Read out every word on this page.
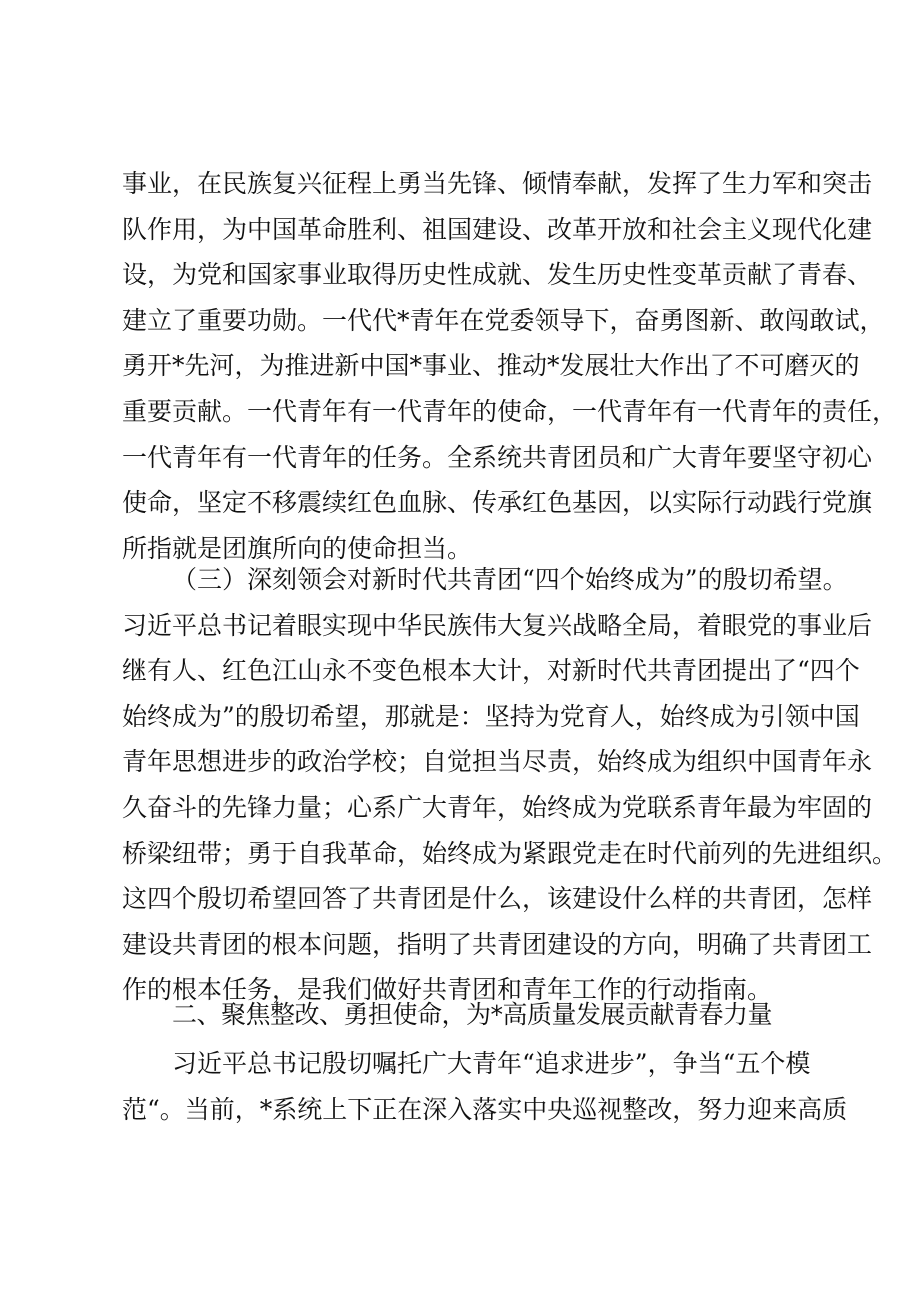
事业，在民族复兴征程上勇当先锋、倾情奉献，发挥了生力军和突击
队作用，为中国革命胜利、祖国建设、改革开放和社会主义现代化建
设，为党和国家事业取得历史性成就、发生历史性变革贡献了青春、
建立了重要功勋。一代代*青年在党委领导下，奋勇图新、敢闯敢试，
勇开*先河，为推进新中国*事业、推动*发展壮大作出了不可磨灭的
重要贡献。一代青年有一代青年的使命，一代青年有一代青年的责任，
一代青年有一代青年的任务。全系统共青团员和广大青年要坚守初心
使命，坚定不移震续红色血脉、传承红色基因，以实际行动践行党旗
所指就是团旗所向的使命担当。
（三）深刻领会对新时代共青团“四个始终成为”的殷切希望。
习近平总书记着眼实现中华民族伟大复兴战略全局，着眼党的事业后
继有人、红色江山永不变色根本大计，对新时代共青团提出了“四个
始终成为”的殷切希望，那就是：坚持为党育人，始终成为引领中国
青年思想进步的政治学校；自觉担当尽责，始终成为组织中国青年永
久奋斗的先锋力量；心系广大青年，始终成为党联系青年最为牢固的
桥梁纽带；勇于自我革命，始终成为紧跟党走在时代前列的先进组织。
这四个殷切希望回答了共青团是什么，该建设什么样的共青团，怎样
建设共青团的根本问题，指明了共青团建设的方向，明确了共青团工
作的根本任务，是我们做好共青团和青年工作的行动指南。
二、聚焦整改、勇担使命，为*高质量发展贡献青春力量
习近平总书记殷切嘱托广大青年“追求进步”，争当“五个模
范“。当前，*系统上下正在深入落实中央巡视整改，努力迎来高质
